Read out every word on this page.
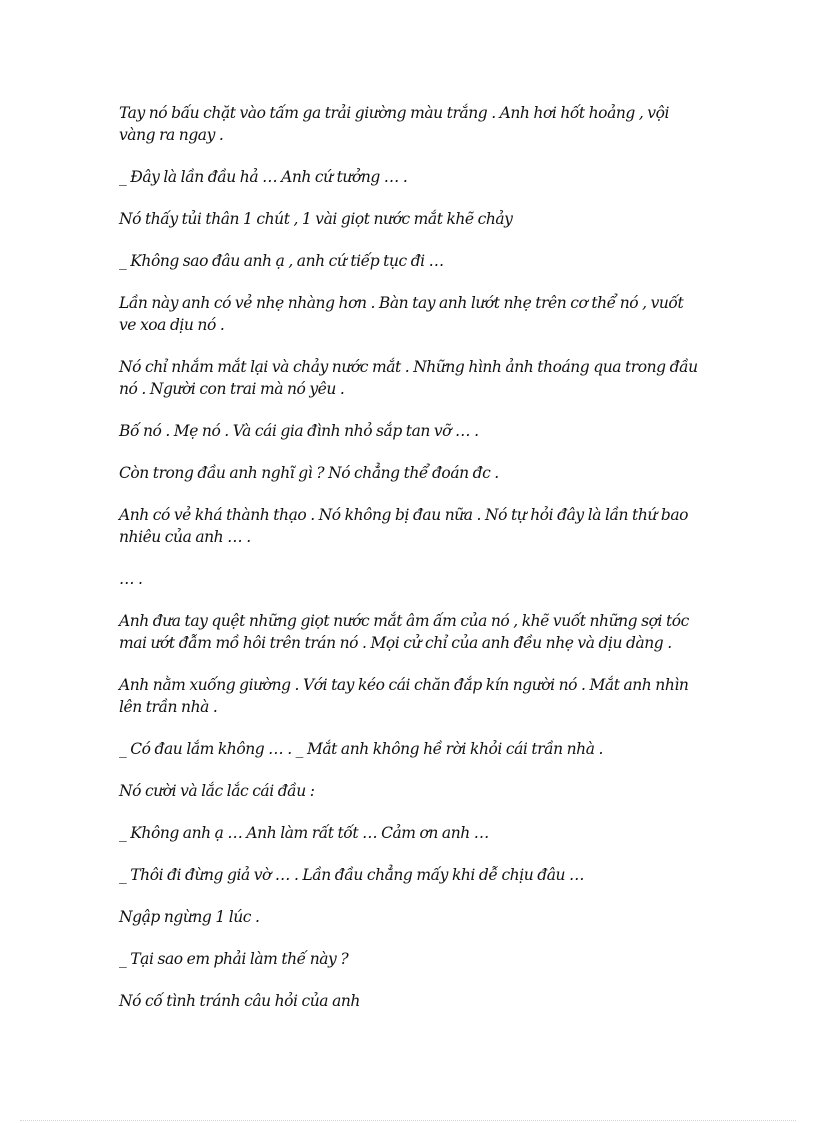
Tay nó bấu chặt vào tấm ga trải giường màu trắng . Anh hơi hốt hoảng , vội vàng ra ngay .

_ Đây là lần đầu hả … Anh cứ tưởng … .

Nó thấy tủi thân 1 chút , 1 vài giọt nước mắt khẽ chảy

_ Không sao đâu anh ạ , anh cứ tiếp tục đi …

Lần này anh có vẻ nhẹ nhàng hơn . Bàn tay anh lướt nhẹ trên cơ thể nó , vuốt ve xoa dịu nó .

Nó chỉ nhắm mắt lại và chảy nước mắt . Những hình ảnh thoáng qua trong đầu nó . Người con trai mà nó yêu .

Bố nó . Mẹ nó . Và cái gia đình nhỏ sắp tan vỡ … .

Còn trong đầu anh nghĩ gì ? Nó chẳng thể đoán đc .

Anh có vẻ khá thành thạo . Nó không bị đau nữa . Nó tự hỏi đây là lần thứ bao nhiêu của anh … .

… .

Anh đưa tay quệt những giọt nước mắt âm ấm của nó , khẽ vuốt những sợi tóc mai ướt đẫm mồ hôi trên trán nó . Mọi cử chỉ của anh đều nhẹ và dịu dàng .

Anh nằm xuống giường . Với tay kéo cái chăn đắp kín người nó . Mắt anh nhìn lên trần nhà .

_ Có đau lắm không … . _ Mắt anh không hề rời khỏi cái trần nhà .

Nó cười và lắc lắc cái đầu :

_ Không anh ạ … Anh làm rất tốt … Cảm ơn anh …

_ Thôi đi đừng giả vờ … . Lần đầu chẳng mấy khi dễ chịu đâu …

Ngập ngừng 1 lúc .

_ Tại sao em phải làm thế này ?

Nó cố tình tránh câu hỏi của anh
